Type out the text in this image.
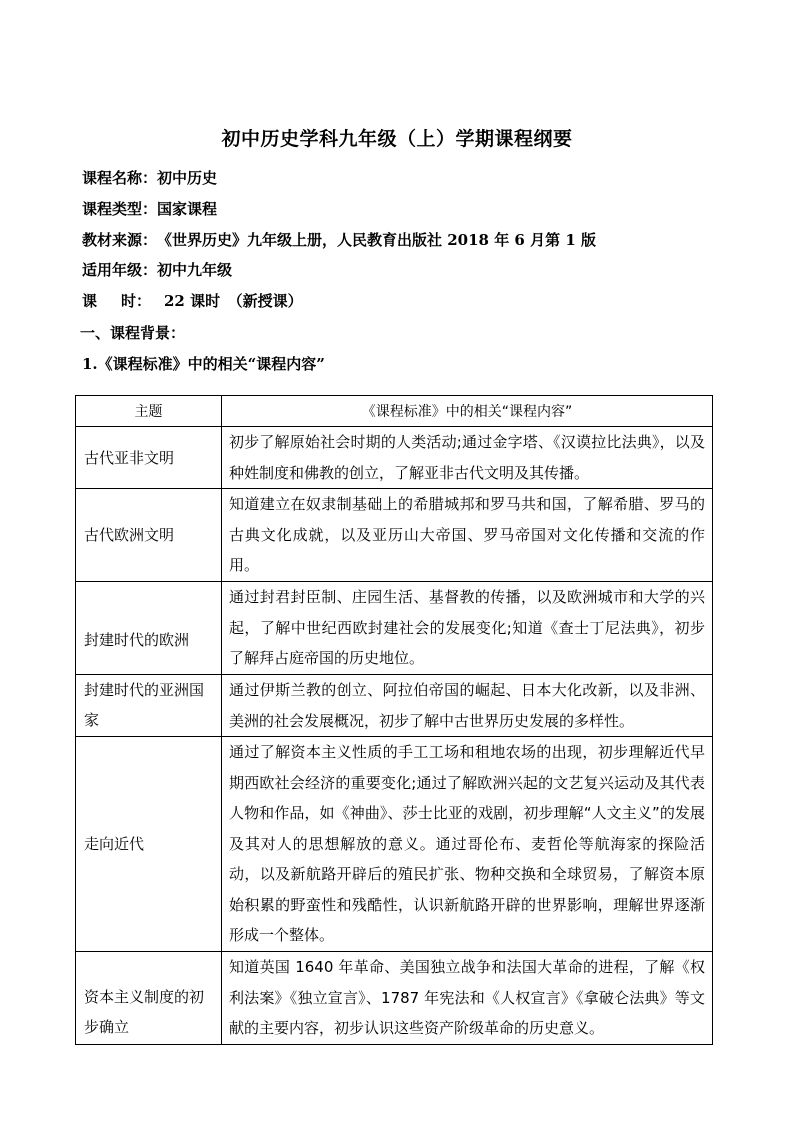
初中历史学科九年级（上）学期课程纲要
课程名称：初中历史
课程类型：国家课程
教材来源：《世界历史》九年级上册，人民教育出版社 2018 年 6 月第 1 版
适用年级：初中九年级
课 时： 22 课时　（新授课）
一、课程背景：
1.《课程标准》中的相关“课程内容”
主题	《课程标准》中的相关“课程内容”
古代亚非文明	初步了解原始社会时期的人类活动;通过金字塔、《汉谟拉比法典》，以及种姓制度和佛教的创立，了解亚非古代文明及其传播。
古代欧洲文明	知道建立在奴隶制基础上的希腊城邦和罗马共和国，了解希腊、罗马的古典文化成就，以及亚历山大帝国、罗马帝国对文化传播和交流的作用。
封建时代的欧洲	通过封君封臣制、庄园生活、基督教的传播，以及欧洲城市和大学的兴起，了解中世纪西欧封建社会的发展变化;知道《查士丁尼法典》，初步了解拜占庭帝国的历史地位。
封建时代的亚洲国家	通过伊斯兰教的创立、阿拉伯帝国的崛起、日本大化改新，以及非洲、美洲的社会发展概况，初步了解中古世界历史发展的多样性。
走向近代	通过了解资本主义性质的手工工场和租地农场的出现，初步理解近代早期西欧社会经济的重要变化;通过了解欧洲兴起的文艺复兴运动及其代表人物和作品，如《神曲》、莎士比亚的戏剧，初步理解“人文主义”的发展及其对人的思想解放的意义。通过哥伦布、麦哲伦等航海家的探险活动，以及新航路开辟后的殖民扩张、物种交换和全球贸易，了解资本原始积累的野蛮性和残酷性，认识新航路开辟的世界影响，理解世界逐渐形成一个整体。
资本主义制度的初步确立	知道英国 1640 年革命、美国独立战争和法国大革命的进程，了解《权利法案》《独立宣言》、1787 年宪法和《人权宣言》《拿破仑法典》等文献的主要内容，初步认识这些资产阶级革命的历史意义。
